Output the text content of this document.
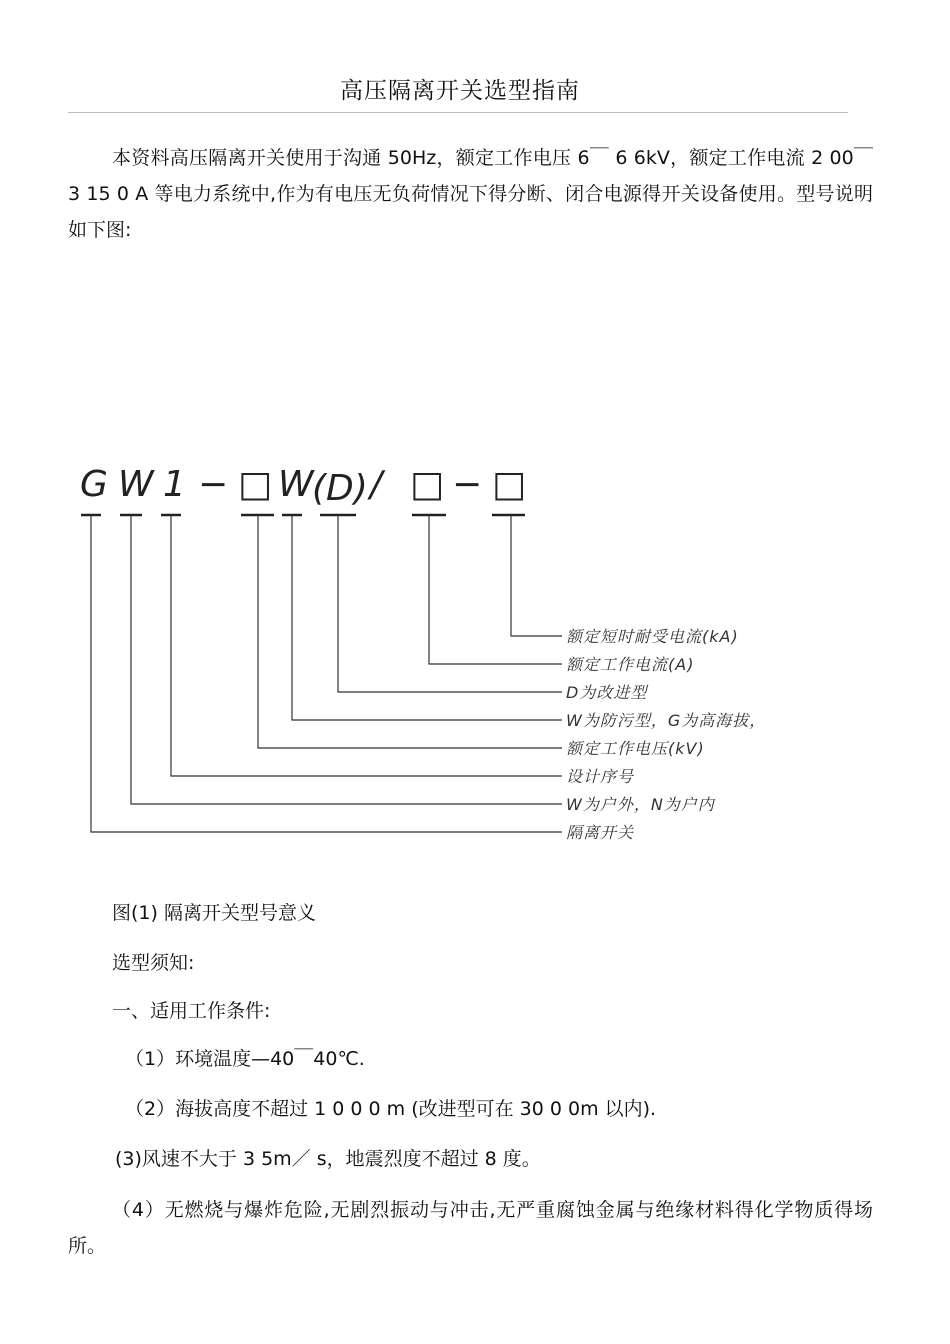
高压隔离开关选型指南
本资料高压隔离开关使用于沟通 50Hz，额定工作电压 6￣ 6 6kV，额定工作电流 2 00￣ 3 15 0 A 等电力系统中,作为有电压无负荷情况下得分断、闭合电源得开关设备使用。型号说明如下图:
G W 1 − □ W
(D) / □ − □
额定短时耐受电流(kA)
额定工作电流(A)
D为改进型
W为防污型，G为高海拔，
额定工作电压(kV)
设计序号
W为户外，N为户内
隔离开关
图(1) 隔离开关型号意义
选型须知:
一、适用工作条件:
（1）环境温度—40￣40℃.
（2）海拔高度不超过 1 0 0 0 m (改进型可在 30 0 0m 以内).
(3)风速不大于 3 5m／ s，地震烈度不超过 8 度。
（4）无燃烧与爆炸危险,无剧烈振动与冲击,无严重腐蚀金属与绝缘材料得化学物质得场所。
